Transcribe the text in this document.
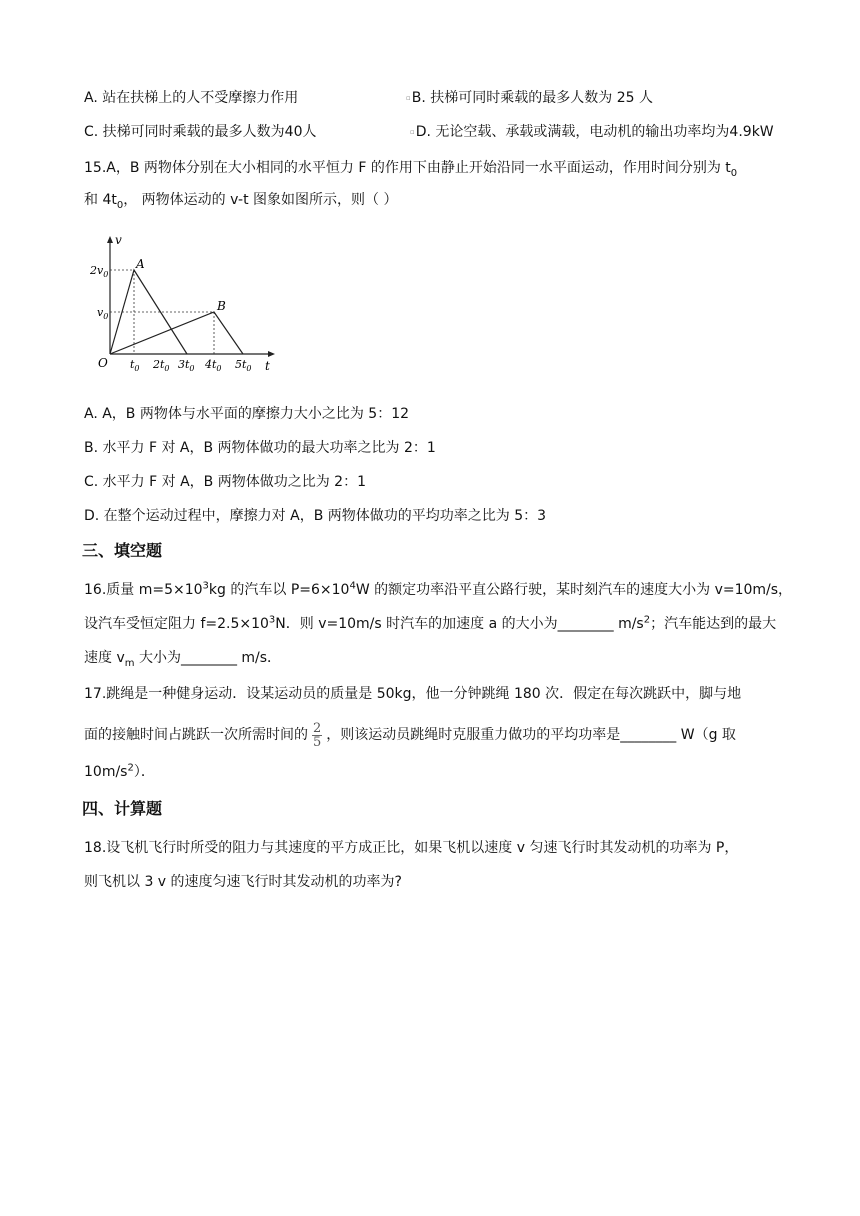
A. 站在扶梯上的人不受摩擦力作用	▫B. 扶梯可同时乘载的最多人数为 25 人
C. 扶梯可同时乘载的最多人数为40人	▫D. 无论空载、承载或满载，电动机的输出功率均为4.9kW
15.A，B 两物体分别在大小相同的水平恒力 F 的作用下由静止开始沿同一水平面运动，作用时间分别为 $t_0$
和 $4t_0$， 两物体运动的 v-t 图象如图所示，则（ ）
v
t
O
A
B
$2v_0$
$v_0$
$t_0$ $2t_0$ $3t_0$ $4t_0$ $5t_0$
A. A，B 两物体与水平面的摩擦力大小之比为 5：12
B. 水平力 F 对 A，B 两物体做功的最大功率之比为 2：1
C. 水平力 F 对 A，B 两物体做功之比为 2：1
D. 在整个运动过程中，摩擦力对 A，B 两物体做功的平均功率之比为 5：3
三、填空题
16.质量 $m=5\times 10^3kg$ 的汽车以 $P=6\times 10^4W$ 的额定功率沿平直公路行驶，某时刻汽车的速度大小为 v=10m/s，
设汽车受恒定阻力 $f=2.5\times 10^3N$．则 v=10m/s 时汽车的加速度 a 的大小为________ $m/s^2$；汽车能达到的最大
速度 $v_m$ 大小为________ m/s．
17.跳绳是一种健身运动．设某运动员的质量是 50kg，他一分钟跳绳 180 次．假定在每次跳跃中，脚与地
面的接触时间占跳跃一次所需时间的 $\frac{2}{5}$ ，则该运动员跳绳时克服重力做功的平均功率是________ W（g 取
$10m/s^2$）．
四、计算题
18.设飞机飞行时所受的阻力与其速度的平方成正比，如果飞机以速度 v 匀速飞行时其发动机的功率为 P，
则飞机以 3 v 的速度匀速飞行时其发动机的功率为?
